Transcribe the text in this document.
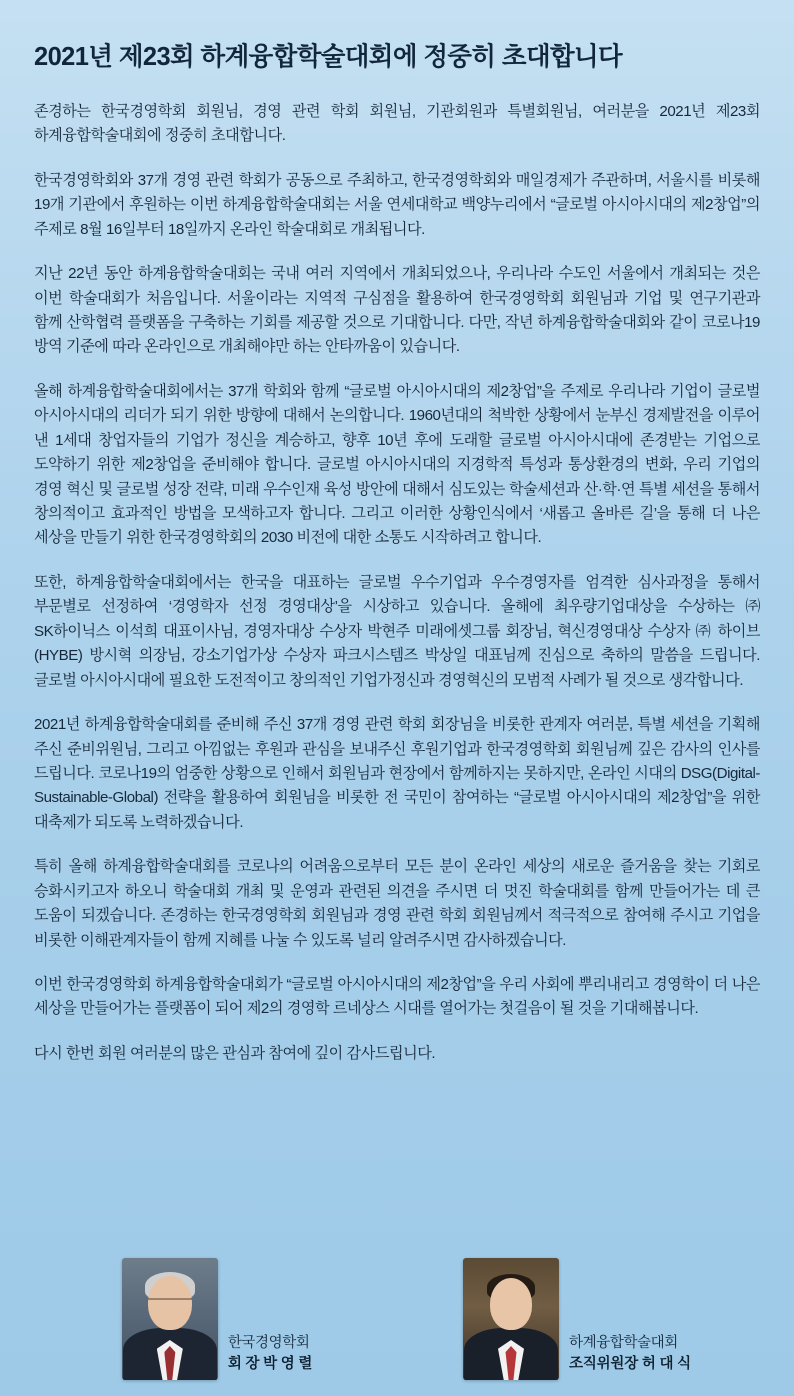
2021년 제23회 하계융합학술대회에 정중히 초대합니다

존경하는 한국경영학회 회원님, 경영 관련 학회 회원님, 기관회원과 특별회원님, 여러분을 2021년 제23회 하계융합학술대회에 정중히 초대합니다.

한국경영학회와 37개 경영 관련 학회가 공동으로 주최하고, 한국경영학회와 매일경제가 주관하며, 서울시를 비롯해 19개 기관에서 후원하는 이번 하계융합학술대회는 서울 연세대학교 백양누리에서 “글로벌 아시아시대의 제2창업”의 주제로 8월 16일부터 18일까지 온라인 학술대회로 개최됩니다.

지난 22년 동안 하계융합학술대회는 국내 여러 지역에서 개최되었으나, 우리나라 수도인 서울에서 개최되는 것은 이번 학술대회가 처음입니다. 서울이라는 지역적 구심점을 활용하여 한국경영학회 회원님과 기업 및 연구기관과 함께 산학협력 플랫폼을 구축하는 기회를 제공할 것으로 기대합니다. 다만, 작년 하계융합학술대회와 같이 코로나19 방역 기준에 따라 온라인으로 개최해야만 하는 안타까움이 있습니다.

올해 하계융합학술대회에서는 37개 학회와 함께 “글로벌 아시아시대의 제2창업”을 주제로 우리나라 기업이 글로벌 아시아시대의 리더가 되기 위한 방향에 대해서 논의합니다. 1960년대의 척박한 상황에서 눈부신 경제발전을 이루어 낸 1세대 창업자들의 기업가 정신을 계승하고, 향후 10년 후에 도래할 글로벌 아시아시대에 존경받는 기업으로 도약하기 위한 제2창업을 준비해야 합니다. 글로벌 아시아시대의 지경학적 특성과 통상환경의 변화, 우리 기업의 경영 혁신 및 글로벌 성장 전략, 미래 우수인재 육성 방안에 대해서 심도있는 학술세션과 산·학·연 특별 세션을 통해서 창의적이고 효과적인 방법을 모색하고자 합니다. 그리고 이러한 상황인식에서 ‘새롭고 올바른 길’을 통해 더 나은 세상을 만들기 위한 한국경영학회의 2030 비전에 대한 소통도 시작하려고 합니다.

또한, 하계융합학술대회에서는 한국을 대표하는 글로벌 우수기업과 우수경영자를 엄격한 심사과정을 통해서 부문별로 선정하여 ‘경영학자 선정 경영대상’을 시상하고 있습니다. 올해에 최우량기업대상을 수상하는 ㈜ SK하이닉스 이석희 대표이사님, 경영자대상 수상자 박현주 미래에셋그룹 회장님, 혁신경영대상 수상자 ㈜ 하이브 (HYBE) 방시혁 의장님, 강소기업가상 수상자 파크시스템즈 박상일 대표님께 진심으로 축하의 말씀을 드립니다. 글로벌 아시아시대에 필요한 도전적이고 창의적인 기업가정신과 경영혁신의 모범적 사례가 될 것으로 생각합니다.

2021년 하계융합학술대회를 준비해 주신 37개 경영 관련 학회 회장님을 비롯한 관계자 여러분, 특별 세션을 기획해 주신 준비위원님, 그리고 아낌없는 후원과 관심을 보내주신 후원기업과 한국경영학회 회원님께 깊은 감사의 인사를 드립니다. 코로나19의 엄중한 상황으로 인해서 회원님과 현장에서 함께하지는 못하지만, 온라인 시대의 DSG(Digital-Sustainable-Global) 전략을 활용하여 회원님을 비롯한 전 국민이 참여하는 “글로벌 아시아시대의 제2창업”을 위한 대축제가 되도록 노력하겠습니다.

특히 올해 하계융합학술대회를 코로나의 어려움으로부터 모든 분이 온라인 세상의 새로운 즐거움을 찾는 기회로 승화시키고자 하오니 학술대회 개최 및 운영과 관련된 의견을 주시면 더 멋진 학술대회를 함께 만들어가는 데 큰 도움이 되겠습니다. 존경하는 한국경영학회 회원님과 경영 관련 학회 회원님께서 적극적으로 참여해 주시고 기업을 비롯한 이해관계자들이 함께 지혜를 나눌 수 있도록 널리 알려주시면 감사하겠습니다.

이번 한국경영학회 하계융합학술대회가 “글로벌 아시아시대의 제2창업”을 우리 사회에 뿌리내리고 경영학이 더 나은 세상을 만들어가는 플랫폼이 되어 제2의 경영학 르네상스 시대를 열어가는 첫걸음이 될 것을 기대해봅니다.

다시 한번 회원 여러분의 많은 관심과 참여에 깊이 감사드립니다.

한국경영학회
회 장 박 영 렬
하계융합학술대회
조직위원장 허 대 식
